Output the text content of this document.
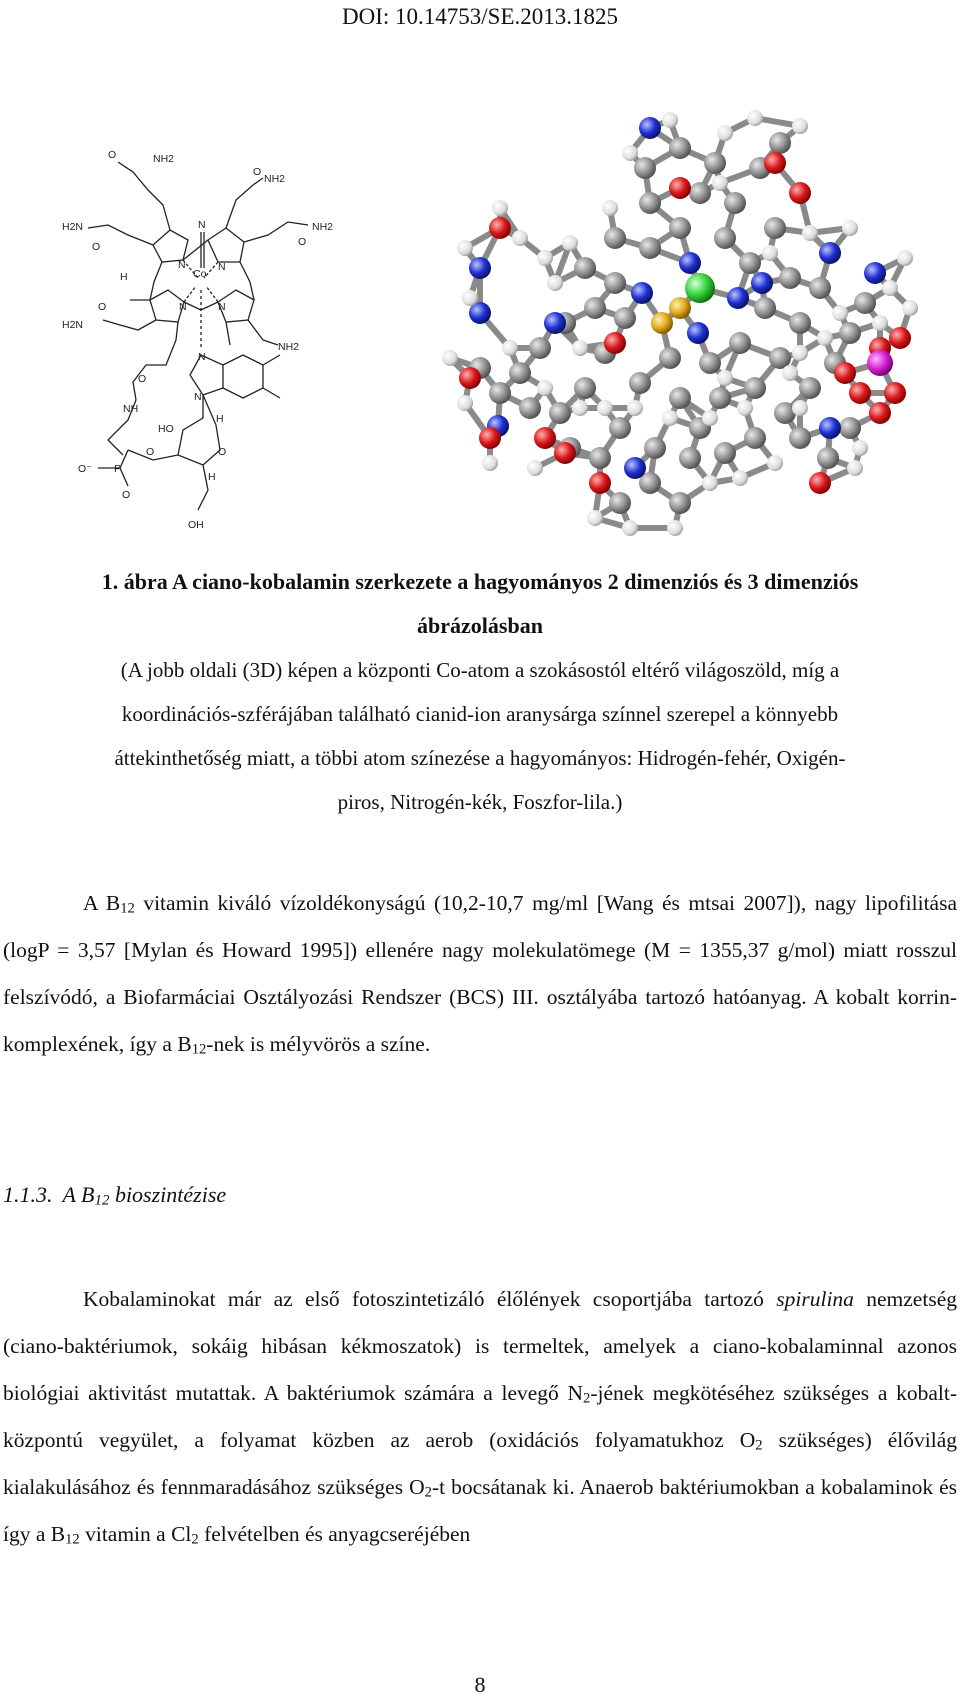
DOI: 10.14753/SE.2013.1825
Co
N
N	N
N	N
N
N
NH2
NH2
NH2
NH2
H2N
H2N
O
O
O	O
O
O
NH
HO
O
H
O
P
O⁻
O
H
OH
H
1. ábra A ciano-kobalamin szerkezete a hagyományos 2 dimenziós és 3 dimenziós
ábrázolásban
(A jobb oldali (3D) képen a központi Co-atom a szokásostól eltérő világoszöld, míg a
koordinációs-szférájában található cianid-ion aranysárga színnel szerepel a könnyebb
áttekinthetőség miatt, a többi atom színezése a hagyományos: Hidrogén-fehér, Oxigén-
piros, Nitrogén-kék, Foszfor-lila.)

A $B_{12}$ vitamin kiváló vízoldékonyságú (10,2-10,7 mg/ml [Wang és mtsai 2007]), nagy lipofilitása (logP = 3,57 [Mylan és Howard 1995]) ellenére nagy molekulatömege (M = 1355,37 g/mol) miatt rosszul felszívódó, a Biofarmáciai Osztályozási Rendszer (BCS) III. osztályába tartozó hatóanyag. A kobalt korrin- komplexének, így a $B_{12}$-nek is mélyvörös a színe.

1.1.3. A $B_{12}$ bioszintézise

Kobalaminokat már az első fotoszintetizáló élőlények csoportjába tartozó spirulina nemzetség (ciano-baktériumok, sokáig hibásan kékmoszatok) is termeltek, amelyek a ciano-kobalaminnal azonos biológiai aktivitást mutattak. A baktériumok számára a levegő $N_2$-jének megkötéséhez szükséges a kobalt-központú vegyület, a folyamat közben az aerob (oxidációs folyamatukhoz $O_2$ szükséges) élővilág kialakulásához és fennmaradásához szükséges $O_2-t$ bocsátanak ki. Anaerob baktériumokban a kobalaminok és így a $B_{12}$ vitamin a $Cl_2$ felvételben és anyagcseréjében

8
